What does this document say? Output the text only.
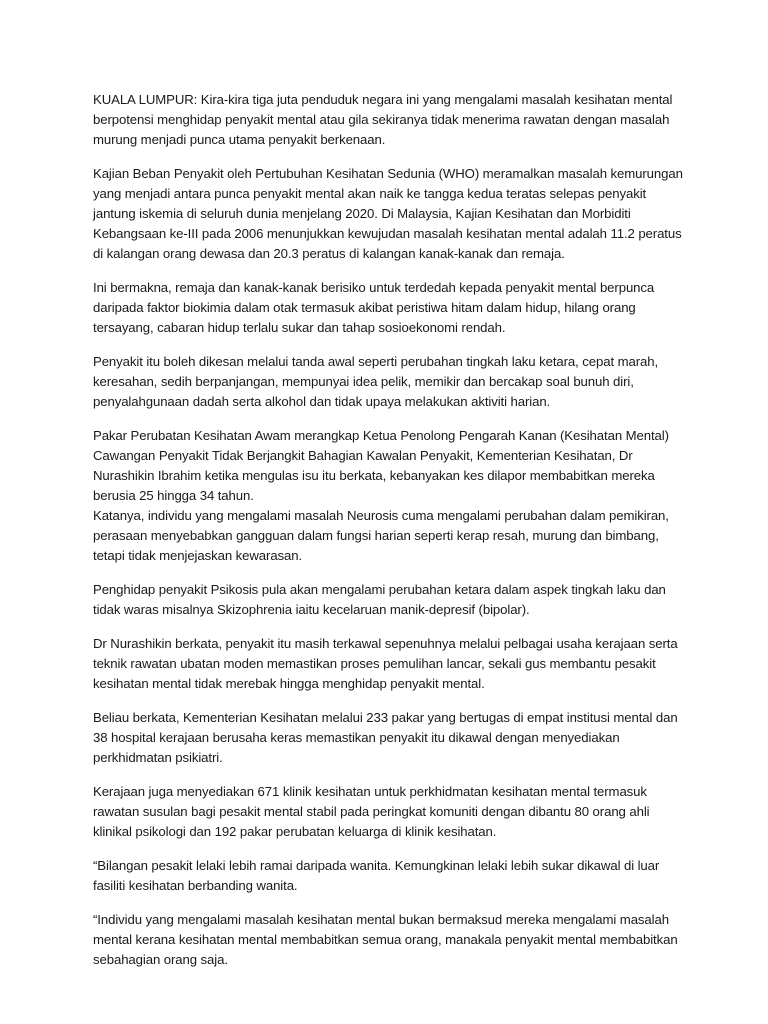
KUALA LUMPUR: Kira-kira tiga juta penduduk negara ini yang mengalami masalah kesihatan mental berpotensi menghidap penyakit mental atau gila sekiranya tidak menerima rawatan dengan masalah murung menjadi punca utama penyakit berkenaan.

Kajian Beban Penyakit oleh Pertubuhan Kesihatan Sedunia (WHO) meramalkan masalah kemurungan yang menjadi antara punca penyakit mental akan naik ke tangga kedua teratas selepas penyakit jantung iskemia di seluruh dunia menjelang 2020. Di Malaysia, Kajian Kesihatan dan Morbiditi Kebangsaan ke-III pada 2006 menunjukkan kewujudan masalah kesihatan mental adalah 11.2 peratus di kalangan orang dewasa dan 20.3 peratus di kalangan kanak-kanak dan remaja.

Ini bermakna, remaja dan kanak-kanak berisiko untuk terdedah kepada penyakit mental berpunca daripada faktor biokimia dalam otak termasuk akibat peristiwa hitam dalam hidup, hilang orang tersayang, cabaran hidup terlalu sukar dan tahap sosioekonomi rendah.

Penyakit itu boleh dikesan melalui tanda awal seperti perubahan tingkah laku ketara, cepat marah, keresahan, sedih berpanjangan, mempunyai idea pelik, memikir dan bercakap soal bunuh diri, penyalahgunaan dadah serta alkohol dan tidak upaya melakukan aktiviti harian.

Pakar Perubatan Kesihatan Awam merangkap Ketua Penolong Pengarah Kanan (Kesihatan Mental) Cawangan Penyakit Tidak Berjangkit Bahagian Kawalan Penyakit, Kementerian Kesihatan, Dr Nurashikin Ibrahim ketika mengulas isu itu berkata, kebanyakan kes dilapor membabitkan mereka berusia 25 hingga 34 tahun.

Katanya, individu yang mengalami masalah Neurosis cuma mengalami perubahan dalam pemikiran, perasaan menyebabkan gangguan dalam fungsi harian seperti kerap resah, murung dan bimbang, tetapi tidak menjejaskan kewarasan.

Penghidap penyakit Psikosis pula akan mengalami perubahan ketara dalam aspek tingkah laku dan tidak waras misalnya Skizophrenia iaitu kecelaruan manik-depresif (bipolar).

Dr Nurashikin berkata, penyakit itu masih terkawal sepenuhnya melalui pelbagai usaha kerajaan serta teknik rawatan ubatan moden memastikan proses pemulihan lancar, sekali gus membantu pesakit kesihatan mental tidak merebak hingga menghidap penyakit mental.

Beliau berkata, Kementerian Kesihatan melalui 233 pakar yang bertugas di empat institusi mental dan 38 hospital kerajaan berusaha keras memastikan penyakit itu dikawal dengan menyediakan perkhidmatan psikiatri.

Kerajaan juga menyediakan 671 klinik kesihatan untuk perkhidmatan kesihatan mental termasuk rawatan susulan bagi pesakit mental stabil pada peringkat komuniti dengan dibantu 80 orang ahli klinikal psikologi dan 192 pakar perubatan keluarga di klinik kesihatan.

“Bilangan pesakit lelaki lebih ramai daripada wanita. Kemungkinan lelaki lebih sukar dikawal di luar fasiliti kesihatan berbanding wanita.

“Individu yang mengalami masalah kesihatan mental bukan bermaksud mereka mengalami masalah mental kerana kesihatan mental membabitkan semua orang, manakala penyakit mental membabitkan sebahagian orang saja.
